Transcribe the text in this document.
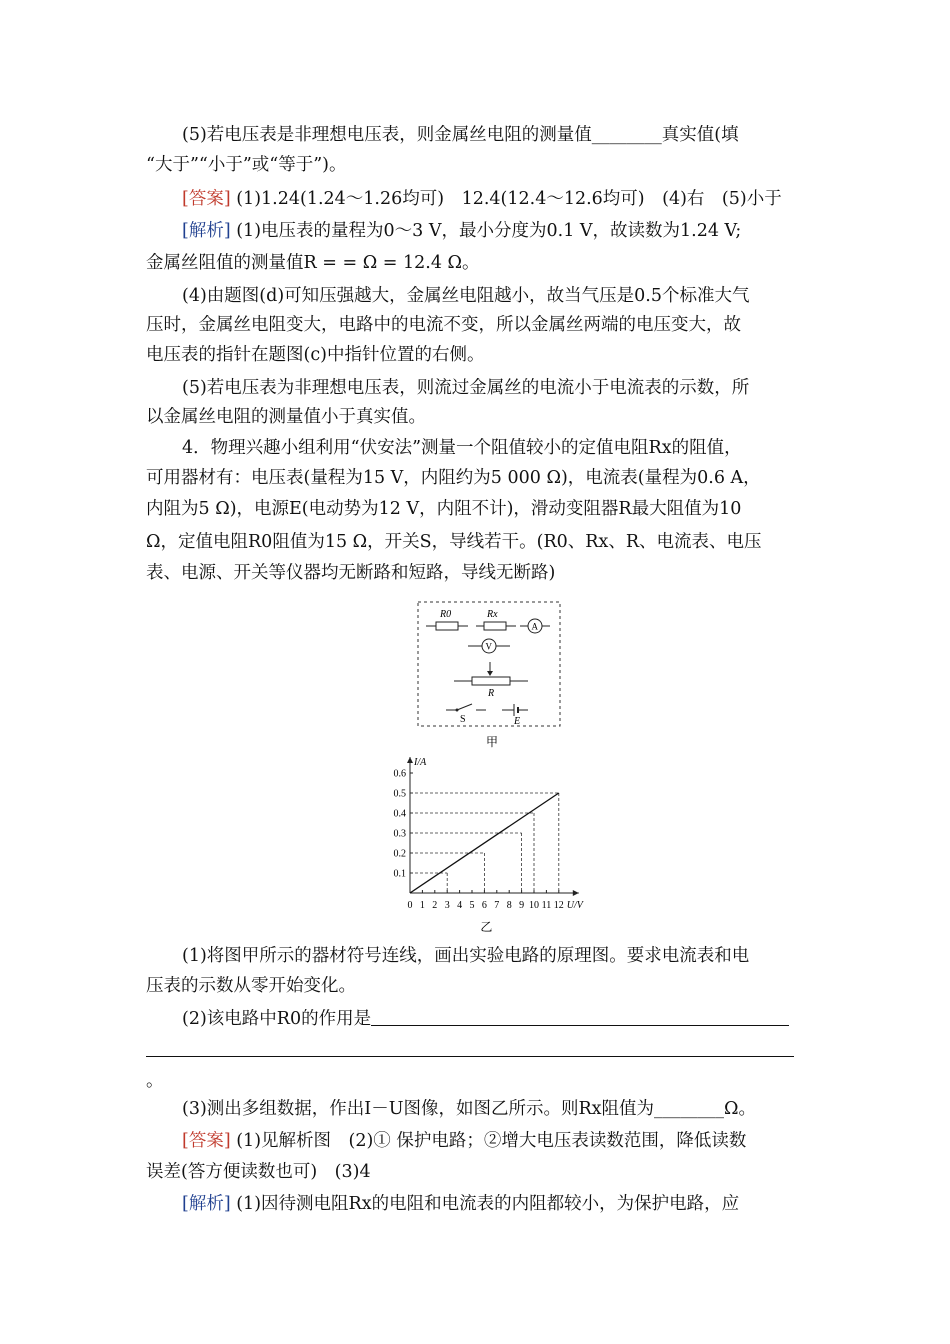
(5)若电压表是非理想电压表，则金属丝电阻的测量值________真实值(填
“大于”“小于”或“等于”)。
[答案] (1)1.24(1.24～1.26均可)　12.4(12.4～12.6均可)　(4)右　(5)小于
[解析] (1)电压表的量程为0～3 V，最小分度为0.1 V，故读数为1.24 V;
金属丝阻值的测量值R = = Ω = 12.4 Ω。
(4)由题图(d)可知压强越大，金属丝电阻越小，故当气压是0.5个标准大气
压时，金属丝电阻变大，电路中的电流不变，所以金属丝两端的电压变大，故
电压表的指针在题图(c)中指针位置的右侧。
(5)若电压表为非理想电压表，则流过金属丝的电流小于电流表的示数，所
以金属丝电阻的测量值小于真实值。
4．物理兴趣小组利用“伏安法”测量一个阻值较小的定值电阻Rx的阻值，
可用器材有：电压表(量程为15 V，内阻约为5 000 Ω)，电流表(量程为0.6 A，
内阻为5 Ω)，电源E(电动势为12 V，内阻不计)，滑动变阻器R最大阻值为10
Ω，定值电阻R0阻值为15 Ω，开关S，导线若干。(R0、Rx、R、电流表、电压
表、电源、开关等仪器均无断路和短路，导线无断路)
R0	Rx
A
V
R
S	E
甲
I/A
U/V
0.1
0.2
0.3
0.4
0.5
0.6
0 1 2 3 4 5 6 7 8 9 10 11 12
乙
(1)将图甲所示的器材符号连线，画出实验电路的原理图。要求电流表和电
压表的示数从零开始变化。
(2)该电路中R0的作用是
。
(3)测出多组数据，作出I－U图像，如图乙所示。则Rx阻值为________Ω。
[答案] (1)见解析图　(2)① 保护电路；②增大电压表读数范围，降低读数
误差(答方便读数也可)　(3)4
[解析] (1)因待测电阻Rx的电阻和电流表的内阻都较小，为保护电路，应
